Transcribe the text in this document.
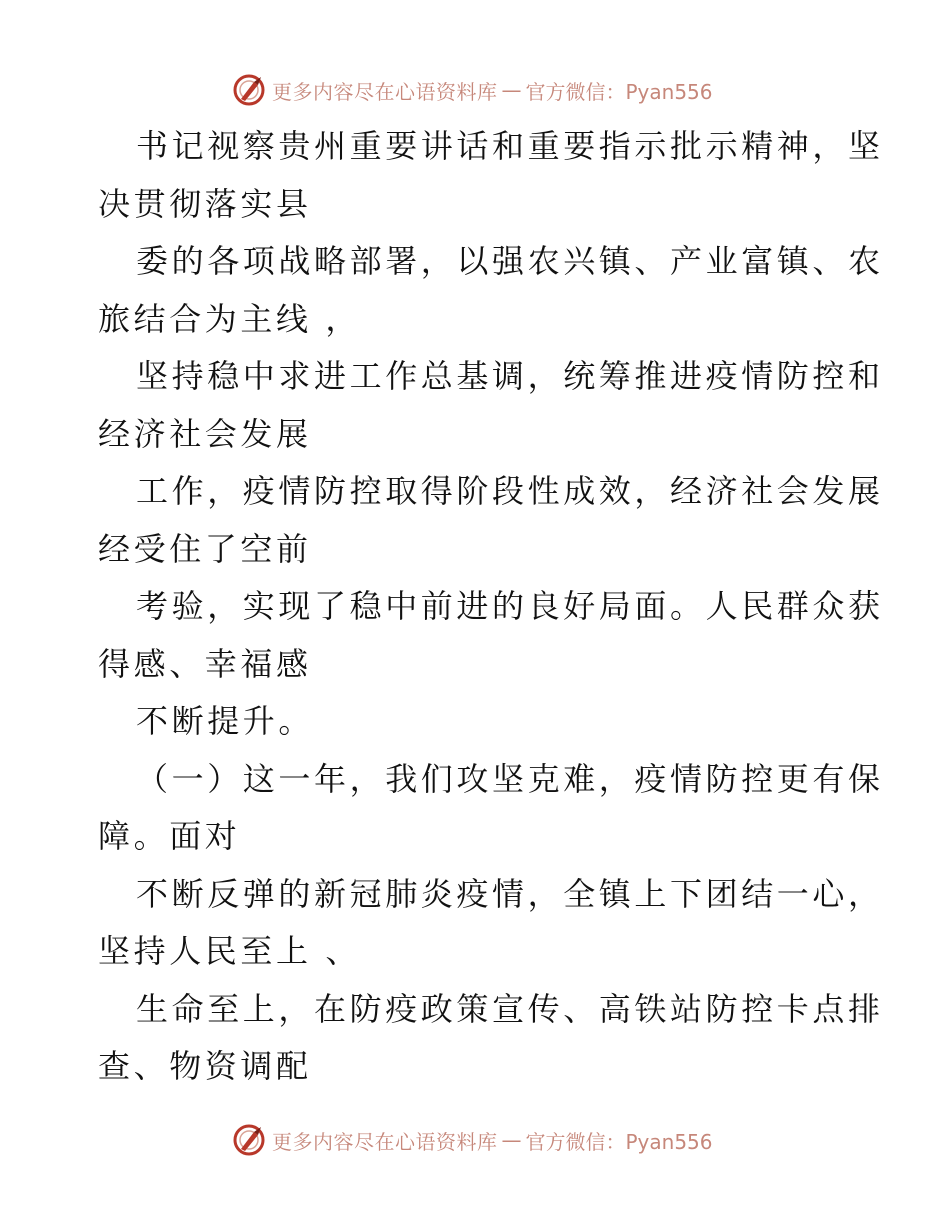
更多内容尽在心语资料库 — 官方微信：Pyan556
书记视察贵州重要讲话和重要指示批示精神，坚
决贯彻落实县
委的各项战略部署，以强农兴镇、产业富镇、农
旅结合为主线 ，
坚持稳中求进工作总基调，统筹推进疫情防控和
经济社会发展
工作，疫情防控取得阶段性成效，经济社会发展
经受住了空前
考验，实现了稳中前进的良好局面。人民群众获
得感、幸福感
不断提升。
（一）这一年，我们攻坚克难，疫情防控更有保
障。面对
不断反弹的新冠肺炎疫情，全镇上下团结一心，
坚持人民至上 、
生命至上，在防疫政策宣传、高铁站防控卡点排
查、物资调配
更多内容尽在心语资料库 — 官方微信：Pyan556
